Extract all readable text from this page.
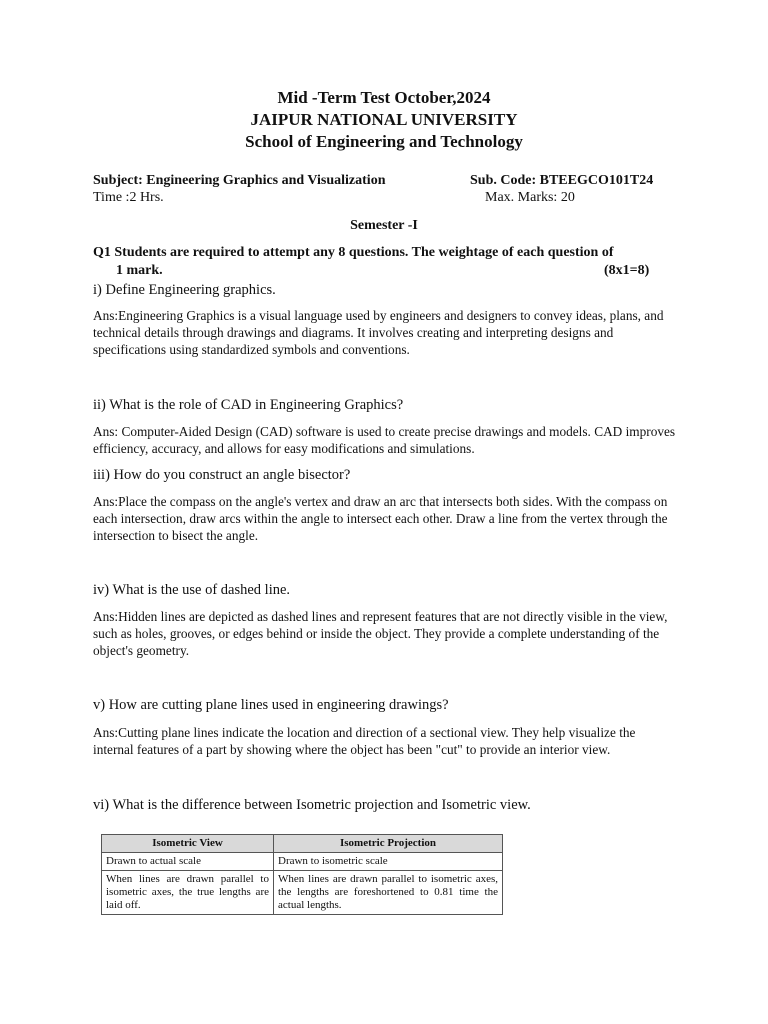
Mid -Term Test October,2024
JAIPUR NATIONAL UNIVERSITY
School of Engineering and Technology
Subject: Engineering Graphics and Visualization	Sub. Code: BTEEGCO101T24
Time :2 Hrs.	Max. Marks: 20
Semester -I
Q1 Students are required to attempt any 8 questions. The weightage of each question of
1 mark.	(8x1=8)
i) Define Engineering graphics.
Ans:Engineering Graphics is a visual language used by engineers and designers to convey ideas, plans, and technical details through drawings and diagrams. It involves creating and interpreting designs and specifications using standardized symbols and conventions.
ii) What is the role of CAD in Engineering Graphics?
Ans: Computer-Aided Design (CAD) software is used to create precise drawings and models. CAD improves efficiency, accuracy, and allows for easy modifications and simulations.
iii) How do you construct an angle bisector?
Ans:Place the compass on the angle's vertex and draw an arc that intersects both sides. With the compass on each intersection, draw arcs within the angle to intersect each other. Draw a line from the vertex through the intersection to bisect the angle.
iv) What is the use of dashed line.
Ans:Hidden lines are depicted as dashed lines and represent features that are not directly visible in the view, such as holes, grooves, or edges behind or inside the object. They provide a complete understanding of the object's geometry.
v) How are cutting plane lines used in engineering drawings?
Ans:Cutting plane lines indicate the location and direction of a sectional view. They help visualize the internal features of a part by showing where the object has been "cut" to provide an interior view.
vi) What is the difference between Isometric projection and Isometric view.
Isometric View	Isometric Projection
Drawn to actual scale	Drawn to isometric scale
When lines are drawn parallel to isometric axes, the true lengths are laid off.	When lines are drawn parallel to isometric axes, the lengths are foreshortened to 0.81 time the actual lengths.
